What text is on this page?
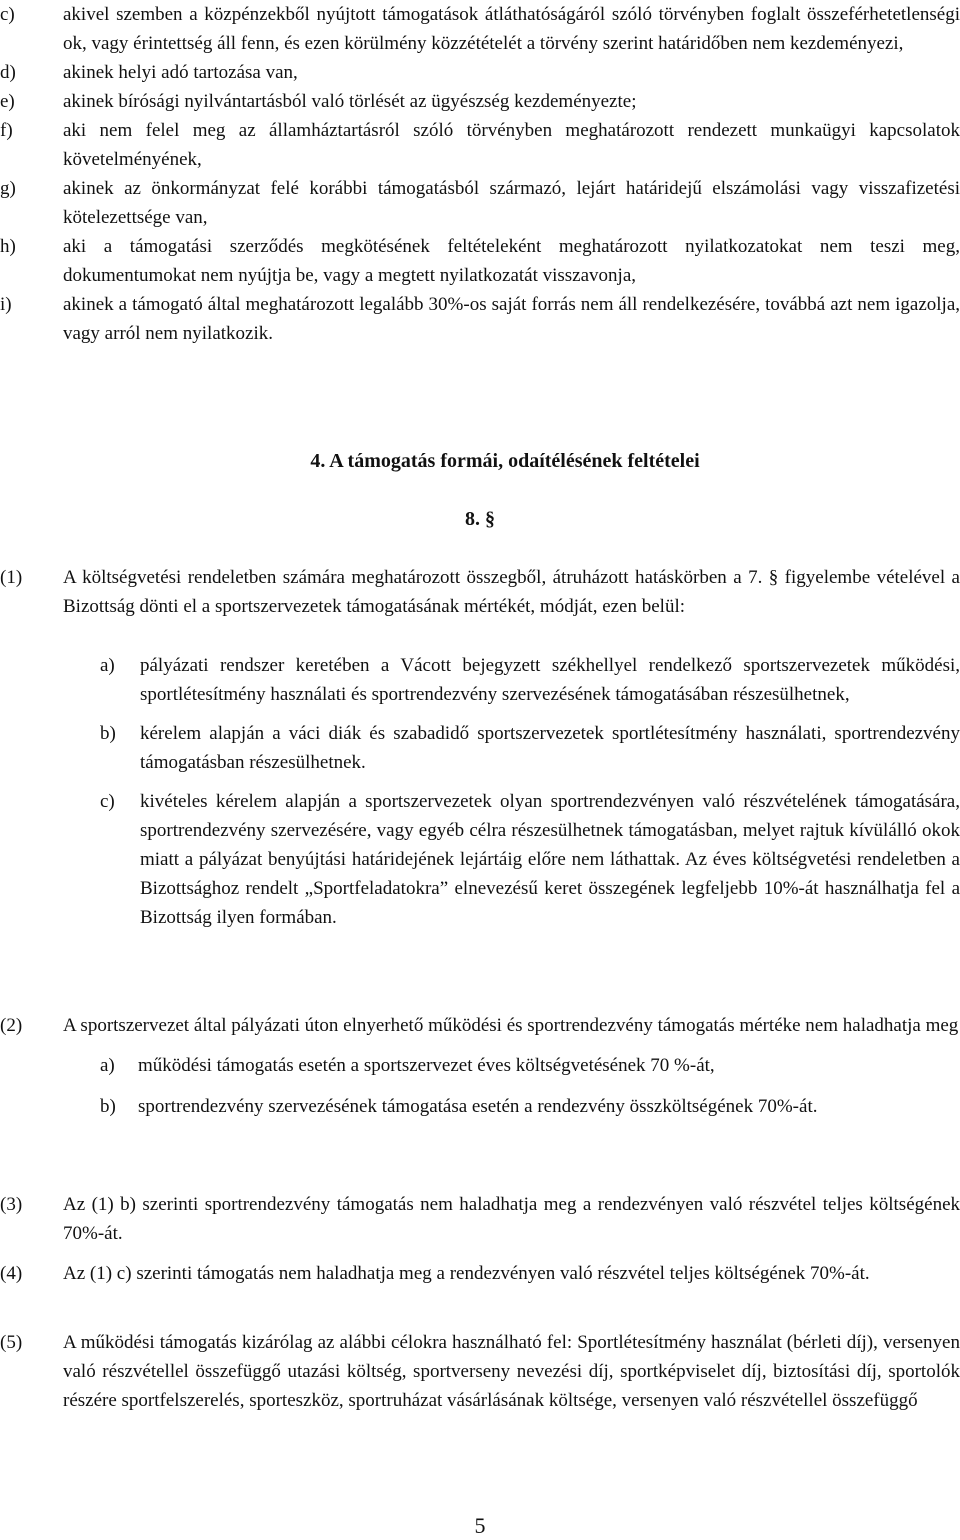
c)	akivel szemben a közpénzekből nyújtott támogatások átláthatóságáról szóló törvényben foglalt összeférhetetlenségi ok, vagy érintettség áll fenn, és ezen körülmény közzétételét a törvény szerint határidőben nem kezdeményezi,
d)	akinek helyi adó tartozása van,
e)	akinek bírósági nyilvántartásból való törlését az ügyészség kezdeményezte;
f)	aki nem felel meg az államháztartásról szóló törvényben meghatározott rendezett munkaügyi kapcsolatok követelményének,
g)	akinek az önkormányzat felé korábbi támogatásból származó, lejárt határidejű elszámolási vagy visszafizetési kötelezettsége van,
h)	aki a támogatási szerződés megkötésének feltételeként meghatározott nyilatkozatokat nem teszi meg, dokumentumokat nem nyújtja be, vagy a megtett nyilatkozatát visszavonja,
i)	akinek a támogató által meghatározott legalább 30%-os saját forrás nem áll rendelkezésére, továbbá azt nem igazolja, vagy arról nem nyilatkozik.
4. A támogatás formái, odaítélésének feltételei
8. §
(1)	A költségvetési rendeletben számára meghatározott összegből, átruházott hatáskörben a 7. § figyelembe vételével a Bizottság dönti el a sportszervezetek támogatásának mértékét, módját, ezen belül:
a)	pályázati rendszer keretében a Vácott bejegyzett székhellyel rendelkező sportszervezetek működési, sportlétesítmény használati és sportrendezvény szervezésének támogatásában részesülhetnek,
b)	kérelem alapján a váci diák és szabadidő sportszervezetek sportlétesítmény használati, sportrendezvény támogatásban részesülhetnek.
c)	kivételes kérelem alapján a sportszervezetek olyan sportrendezvényen való részvételének támogatására, sportrendezvény szervezésére, vagy egyéb célra részesülhetnek támogatásban, melyet rajtuk kívülálló okok miatt a pályázat benyújtási határidejének lejártáig előre nem láthattak. Az éves költségvetési rendeletben a Bizottsághoz rendelt „Sportfeladatokra” elnevezésű keret összegének legfeljebb 10%-át használhatja fel a Bizottság ilyen formában.
(2)	A sportszervezet által pályázati úton elnyerhető működési és sportrendezvény támogatás mértéke nem haladhatja meg
a)	működési támogatás esetén a sportszervezet éves költségvetésének 70 %-át,
b)	sportrendezvény szervezésének támogatása esetén a rendezvény összköltségének 70%-át.
(3)	Az (1) b) szerinti sportrendezvény támogatás nem haladhatja meg a rendezvényen való részvétel teljes költségének 70%-át.
(4)	Az (1) c) szerinti támogatás nem haladhatja meg a rendezvényen való részvétel teljes költségének 70%-át.
(5)	A működési támogatás kizárólag az alábbi célokra használható fel: Sportlétesítmény használat (bérleti díj), versenyen való részvétellel összefüggő utazási költség, sportverseny nevezési díj, sportképviselet díj, biztosítási díj, sportolók részére sportfelszerelés, sporteszköz, sportruházat vásárlásának költsége, versenyen való részvétellel összefüggő
5
